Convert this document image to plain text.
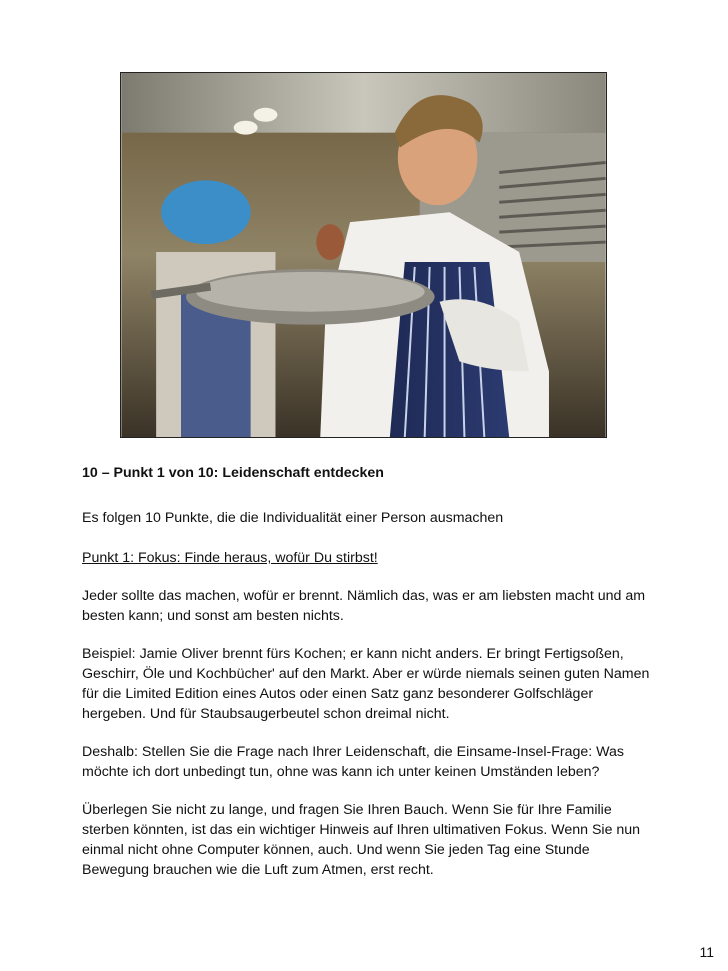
10 – Punkt 1 von 10: Leidenschaft entdecken
Es folgen 10 Punkte, die die Individualität einer Person ausmachen
Punkt 1: Fokus: Finde heraus, wofür Du stirbst!
Jeder sollte das machen, wofür er brennt. Nämlich das, was er am liebsten macht und am besten kann; und sonst am besten nichts.
Beispiel: Jamie Oliver brennt fürs Kochen; er kann nicht anders. Er bringt Fertigsoßen, Geschirr, Öle und Kochbücher' auf den Markt. Aber er würde niemals seinen guten Namen für die Limited Edition eines Autos oder einen Satz ganz besonderer Golfschläger hergeben. Und für Staubsaugerbeutel schon dreimal nicht.
Deshalb: Stellen Sie die Frage nach Ihrer Leidenschaft, die Einsame-Insel-Frage: Was möchte ich dort unbedingt tun, ohne was kann ich unter keinen Umständen leben?
Überlegen Sie nicht zu lange, und fragen Sie Ihren Bauch. Wenn Sie für Ihre Familie sterben könnten, ist das ein wichtiger Hinweis auf Ihren ultimativen Fokus. Wenn Sie nun einmal nicht ohne Computer können, auch. Und wenn Sie jeden Tag eine Stunde Bewegung brauchen wie die Luft zum Atmen, erst recht.
11
